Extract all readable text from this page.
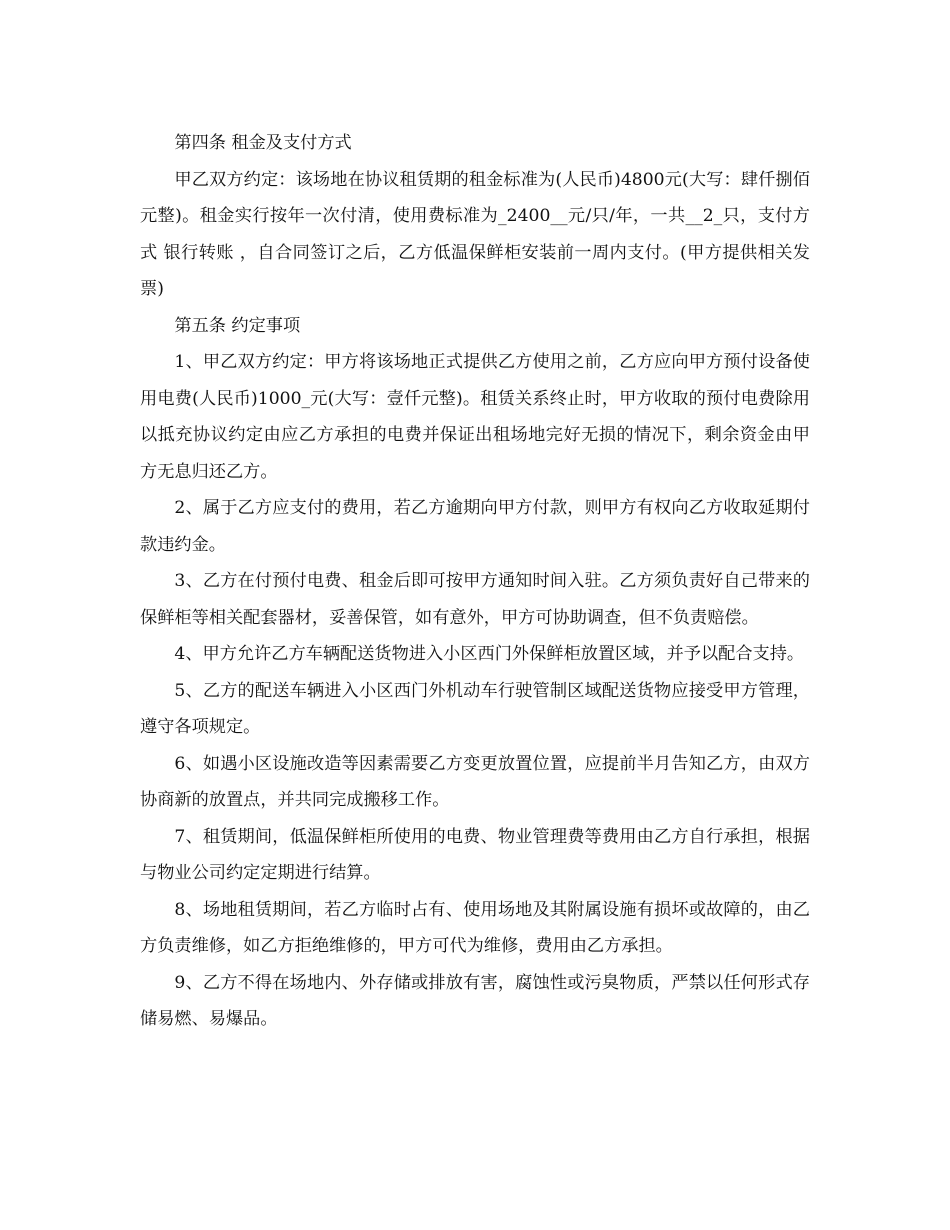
第四条 租金及支付方式

甲乙双方约定：该场地在协议租赁期的租金标准为(人民币)4800元(大写：肆仟捌佰元整)。租金实行按年一次付清，使用费标准为_2400__元/只/年，一共__2_只，支付方式 银行转账 ，自合同签订之后，乙方低温保鲜柜安装前一周内支付。(甲方提供相关发票)

第五条 约定事项

1、甲乙双方约定：甲方将该场地正式提供乙方使用之前，乙方应向甲方预付设备使用电费(人民币)1000_元(大写：壹仟元整)。租赁关系终止时，甲方收取的预付电费除用以抵充协议约定由应乙方承担的电费并保证出租场地完好无损的情况下，剩余资金由甲方无息归还乙方。

2、属于乙方应支付的费用，若乙方逾期向甲方付款，则甲方有权向乙方收取延期付款违约金。

3、乙方在付预付电费、租金后即可按甲方通知时间入驻。乙方须负责好自己带来的保鲜柜等相关配套器材，妥善保管，如有意外，甲方可协助调查，但不负责赔偿。

4、甲方允许乙方车辆配送货物进入小区西门外保鲜柜放置区域，并予以配合支持。

5、乙方的配送车辆进入小区西门外机动车行驶管制区域配送货物应接受甲方管理，遵守各项规定。

6、如遇小区设施改造等因素需要乙方变更放置位置，应提前半月告知乙方，由双方协商新的放置点，并共同完成搬移工作。

7、租赁期间，低温保鲜柜所使用的电费、物业管理费等费用由乙方自行承担，根据与物业公司约定定期进行结算。

8、场地租赁期间，若乙方临时占有、使用场地及其附属设施有损坏或故障的，由乙方负责维修，如乙方拒绝维修的，甲方可代为维修，费用由乙方承担。

9、乙方不得在场地内、外存储或排放有害，腐蚀性或污臭物质，严禁以任何形式存储易燃、易爆品。
